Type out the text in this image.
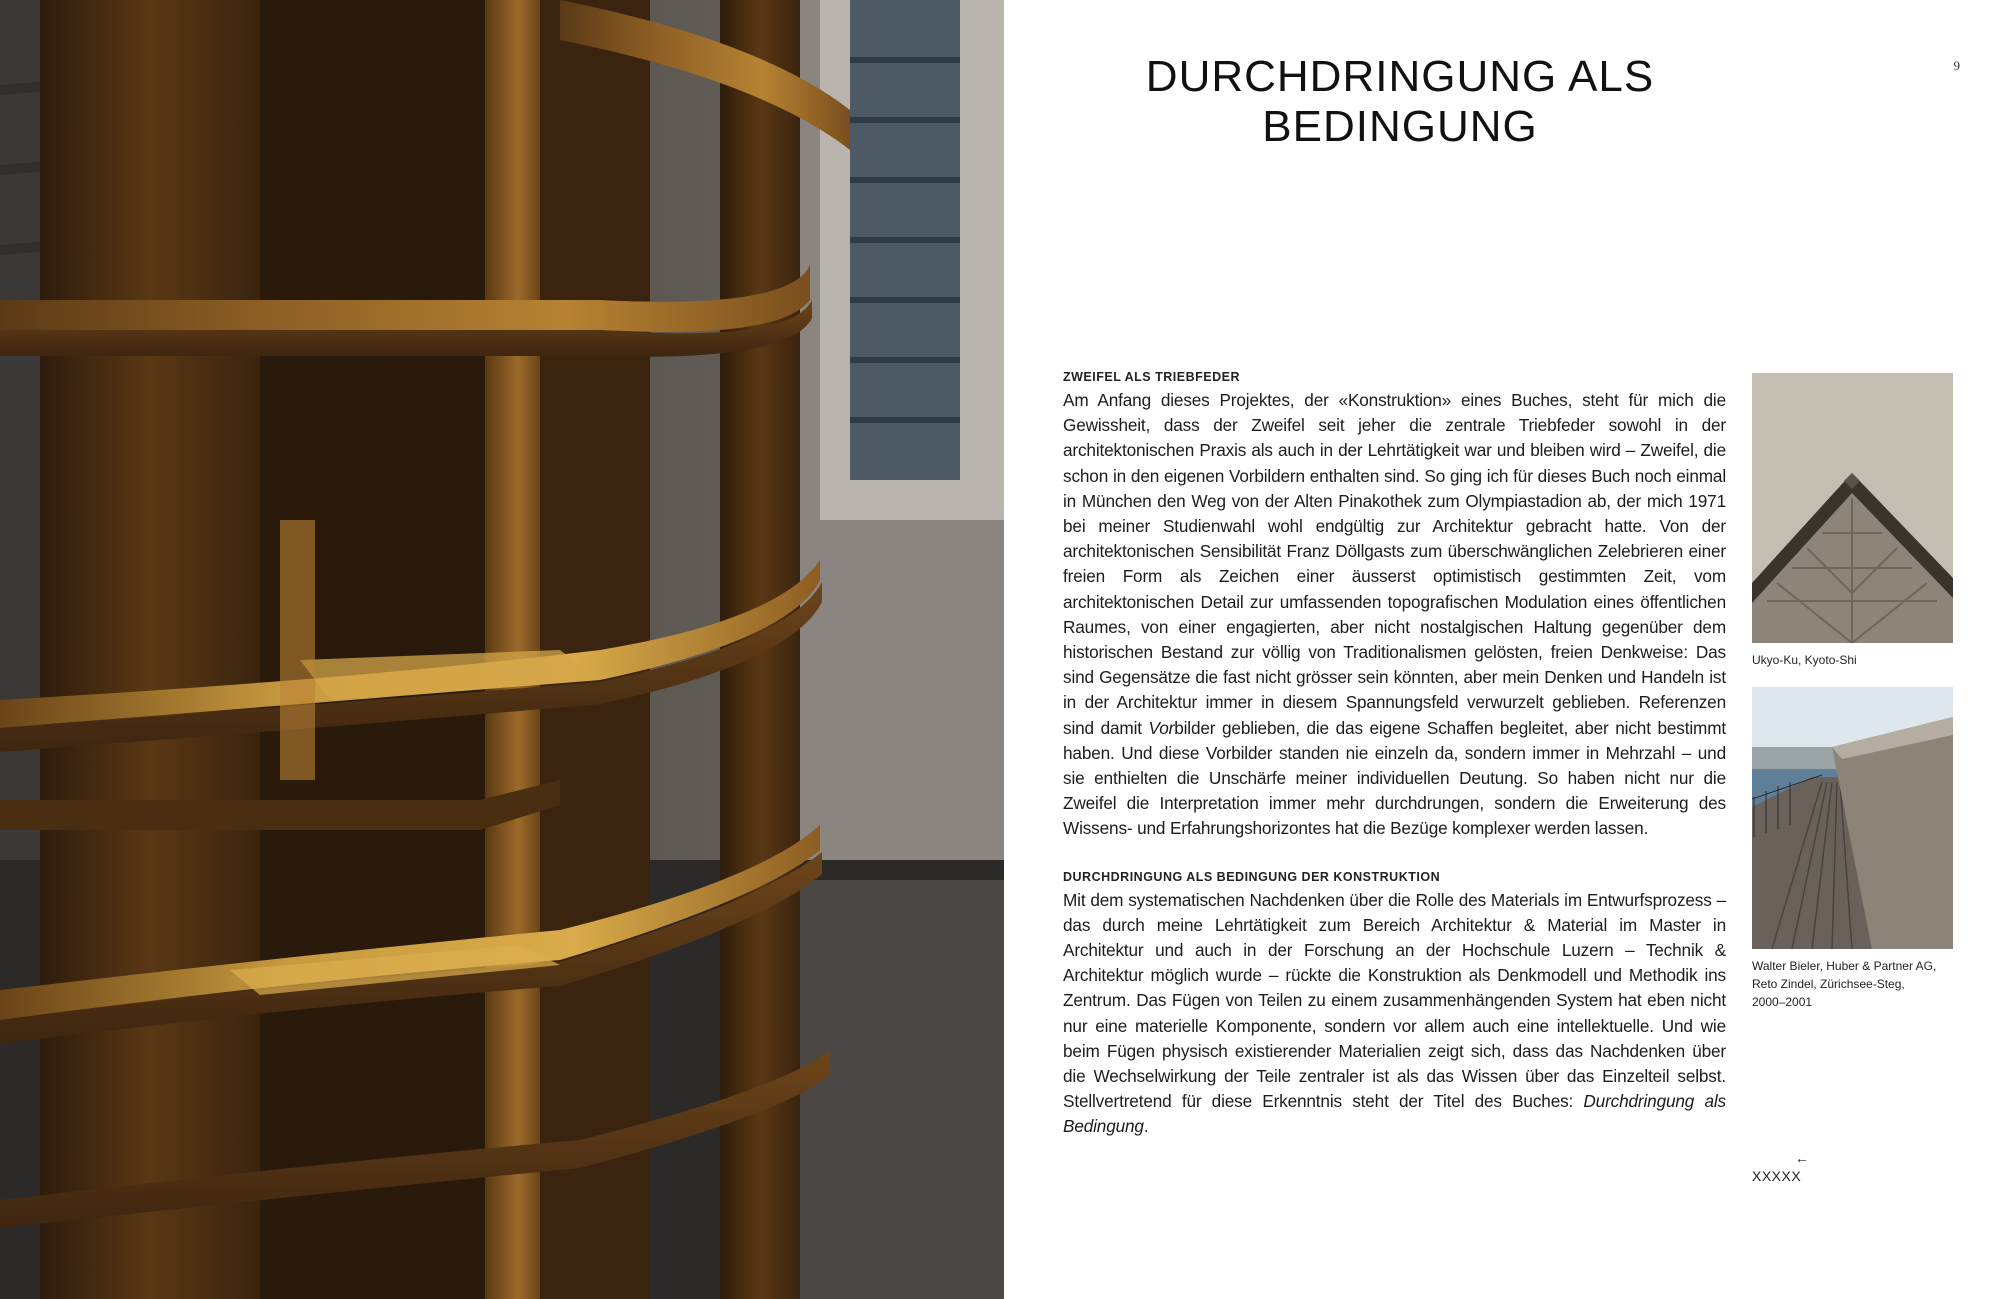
9
DURCHDRINGUNG ALS
BEDINGUNG
ZWEIFEL ALS TRIEBFEDER

Am Anfang dieses Projektes, der «Konstruktion» eines Buches, steht für mich die Gewissheit, dass der Zweifel seit jeher die zentrale Triebfeder sowohl in der architektonischen Praxis als auch in der Lehrtätigkeit war und bleiben wird – Zweifel, die schon in den eigenen Vorbildern enthalten sind. So ging ich für dieses Buch noch einmal in München den Weg von der Alten Pinakothek zum Olympiastadion ab, der mich 1971 bei meiner Studienwahl wohl endgültig zur Architektur gebracht hatte. Von der architektonischen Sensibilität Franz Döllgasts zum überschwänglichen Zelebrieren einer freien Form als Zeichen einer äusserst optimistisch gestimmten Zeit, vom architektonischen Detail zur umfassenden topografischen Modulation eines öffentlichen Raumes, von einer engagierten, aber nicht nostalgischen Haltung gegenüber dem historischen Bestand zur völlig von Traditionalismen gelösten, freien Denkweise: Das sind Gegensätze die fast nicht grösser sein könnten, aber mein Denken und Handeln ist in der Architektur immer in diesem Spannungsfeld verwurzelt geblieben. Referenzen sind damit Vorbilder geblieben, die das eigene Schaffen begleitet, aber nicht bestimmt haben. Und diese Vorbilder standen nie einzeln da, sondern immer in Mehrzahl – und sie enthielten die Unschärfe meiner individuellen Deutung. So haben nicht nur die Zweifel die Interpretation immer mehr durchdrungen, sondern die Erweiterung des Wissens- und Erfahrungshorizontes hat die Bezüge komplexer werden lassen.

DURCHDRINGUNG ALS BEDINGUNG DER KONSTRUKTION

Mit dem systematischen Nachdenken über die Rolle des Materials im Entwurfsprozess – das durch meine Lehrtätigkeit zum Bereich Architektur & Material im Master in Architektur und auch in der Forschung an der Hochschule Luzern – Technik & Architektur möglich wurde – rückte die Konstruktion als Denkmodell und Methodik ins Zentrum. Das Fügen von Teilen zu einem zusammenhängenden System hat eben nicht nur eine materielle Komponente, sondern vor allem auch eine intellektuelle. Und wie beim Fügen physisch existierender Materialien zeigt sich, dass das Nachdenken über die Wechselwirkung der Teile zentraler ist als das Wissen über das Einzelteil selbst. Stellvertretend für diese Erkenntnis steht der Titel des Buches: Durchdringung als Bedingung.

Ukyo-Ku, Kyoto-Shi
Walter Bieler, Huber & Partner AG,
Reto Zindel, Zürichsee-Steg,
2000–2001
←
XXXXX
